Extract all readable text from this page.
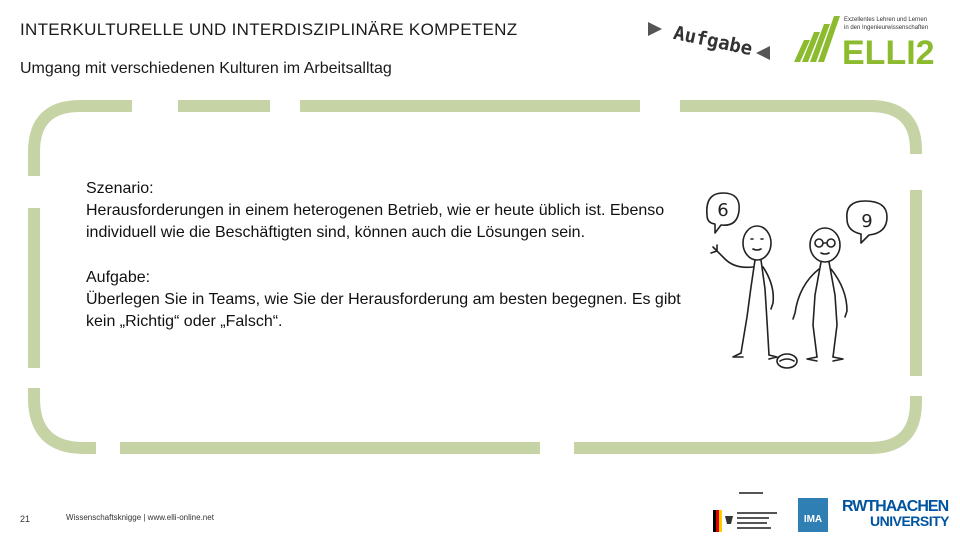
INTERKULTURELLE UND INTERDISZIPLINÄRE KOMPETENZ
Umgang mit verschiedenen Kulturen im Arbeitsalltag
Aufgabe
Exzellentes Lehren und Lernen
in den Ingenieurwissenschaften
ELLI2

Szenario:

Herausforderungen in einem heterogenen Betrieb, wie er heute üblich ist. Ebenso individuell wie die Beschäftigten sind, können auch die Lösungen sein.

Aufgabe:

Überlegen Sie in Teams, wie Sie der Herausforderung am besten begegnen. Es gibt kein „Richtig“ oder „Falsch“.

6
9
21	Wissenschaftsknigge | www.elli-online.net	IMA
RWTHAACHEN
UNIVERSITY
